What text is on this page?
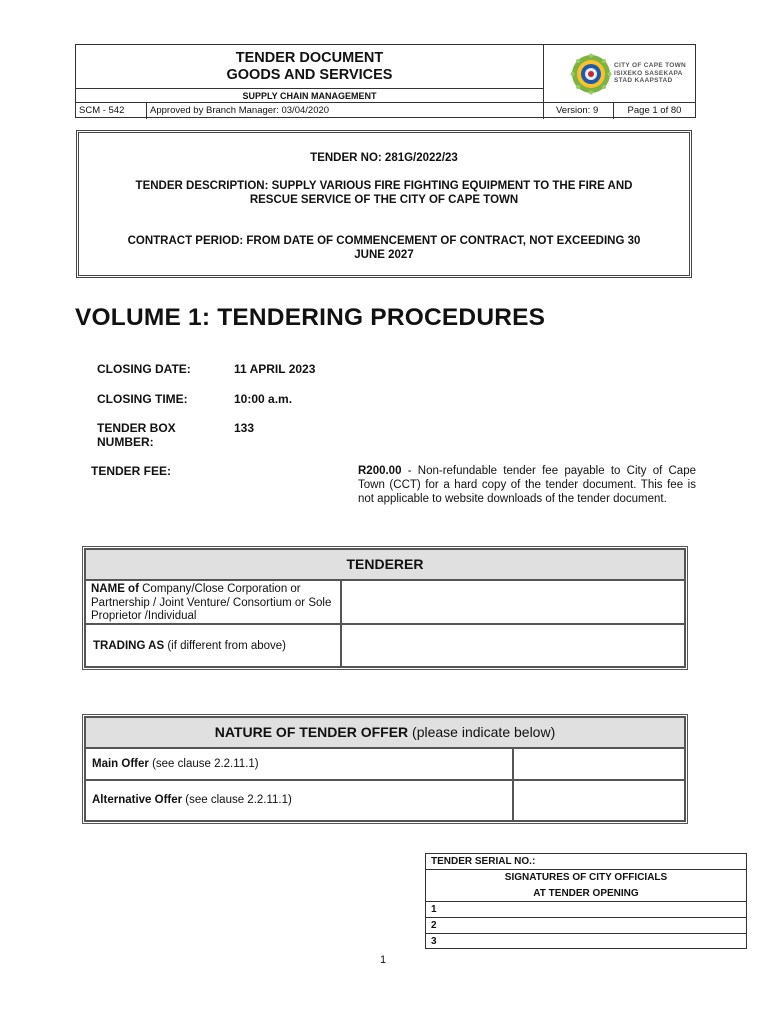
TENDER DOCUMENT
GOODS AND SERVICES
SUPPLY CHAIN MANAGEMENT
CITY OF CAPE TOWN
ISIXEKO SASEKAPA
STAD KAAPSTAD
SCM - 542	Approved by Branch Manager: 03/04/2020	Version: 9	Page 1 of 80
TENDER NO: 281G/2022/23
TENDER DESCRIPTION: SUPPLY VARIOUS FIRE FIGHTING EQUIPMENT TO THE FIRE AND
RESCUE SERVICE OF THE CITY OF CAPE TOWN
CONTRACT PERIOD: FROM DATE OF COMMENCEMENT OF CONTRACT, NOT EXCEEDING 30
JUNE 2027
VOLUME 1: TENDERING PROCEDURES
CLOSING DATE:	11 APRIL 2023
CLOSING TIME:	10:00 a.m.
TENDER BOX
NUMBER:
133
TENDER FEE:	R200.00 - Non-refundable tender fee payable to City of Cape Town (CCT) for a hard copy of the tender document. This fee is not applicable to website downloads of the tender document.
TENDERER
NAME of Company/Close Corporation or Partnership / Joint Venture/ Consortium or Sole Proprietor /Individual
TRADING AS (if different from above)
NATURE OF TENDER OFFER (please indicate below)
Main Offer (see clause 2.2.11.1)
Alternative Offer (see clause 2.2.11.1)
TENDER SERIAL NO.:
SIGNATURES OF CITY OFFICIALS
AT TENDER OPENING
1
2
3
1
